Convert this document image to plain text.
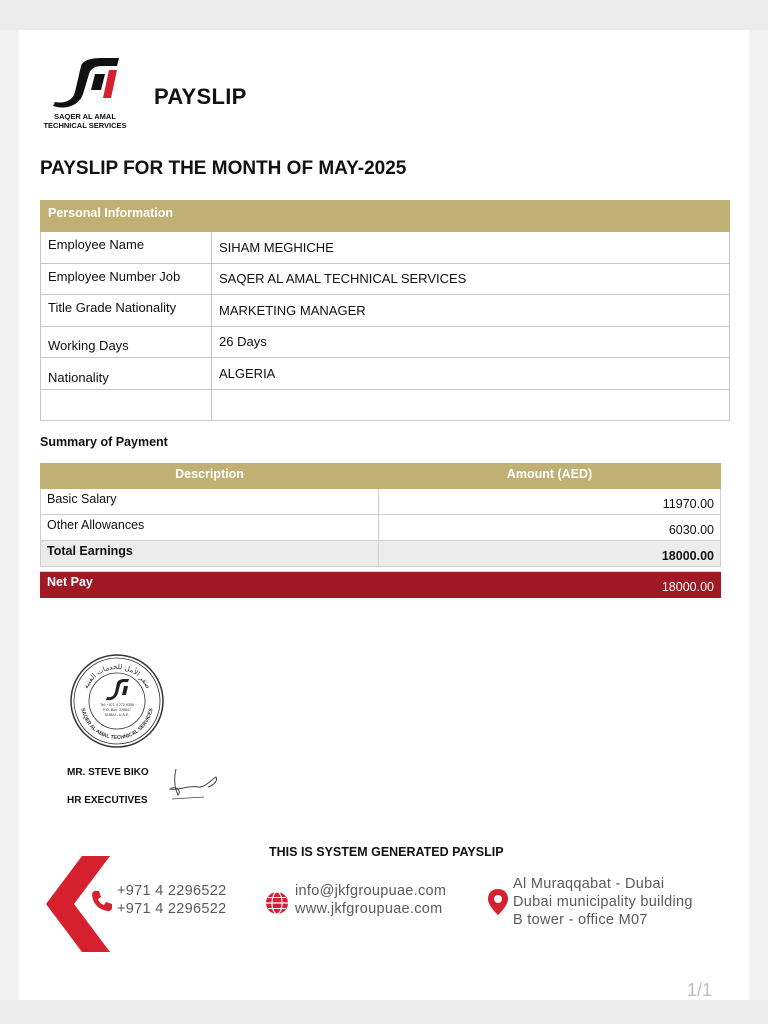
SAQER AL AMAL
TECHNICAL SERVICES
PAYSLIP
PAYSLIP FOR THE MONTH OF MAY-2025
Personal Information	
Employee Name	SIHAM MEGHICHE
Employee Number Job	SAQER AL AMAL TECHNICAL SERVICES
Title Grade Nationality	MARKETING MANAGER
Working Days	26 Days
Nationality	ALGERIA

Summary of Payment
Description	Amount (AED)
Basic Salary	11970.00
Other Allowances	6030.00
Total Earnings	18000.00

Net Pay	18000.00
صقر الأمل للخدمات الفنية
SAQER AL AMAL TECHNICAL SERVICES
Tel: +971 4 272 9355
P.O. Box: 378547
DUBAI - U.A.E.
MR. STEVE BIKO
HR EXECUTIVES
THIS IS SYSTEM GENERATED PAYSLIP
+971 4 2296522
+971 4 2296522
info@jkfgroupuae.com
www.jkfgroupuae.com
Al Muraqqabat - Dubai
Dubai municipality building
B tower - office M07
1/1
